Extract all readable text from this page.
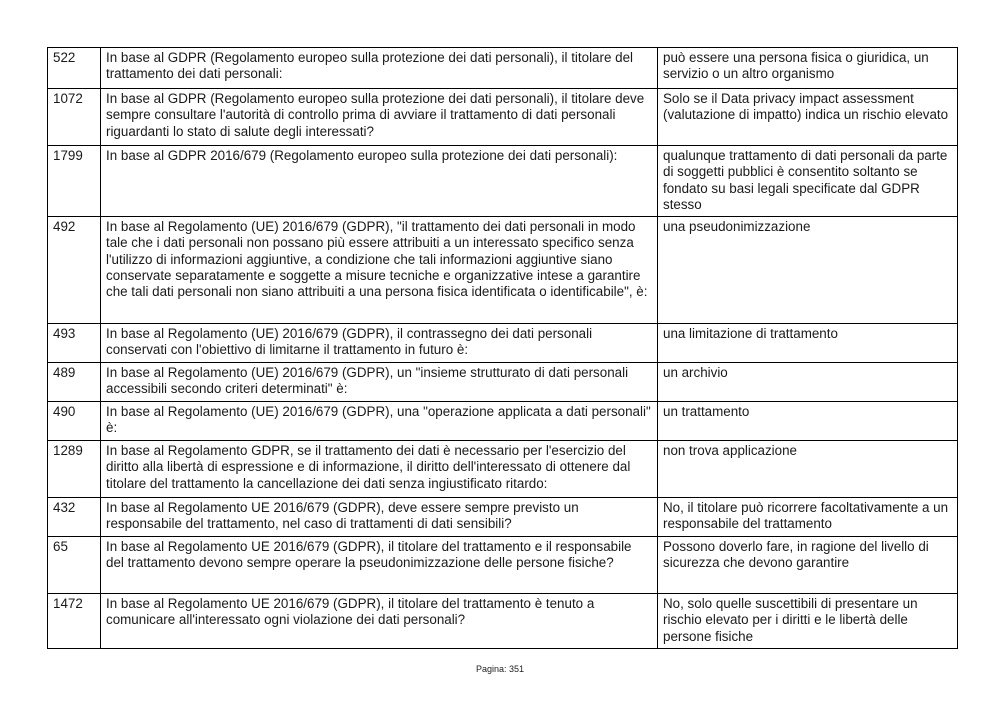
522	In base al GDPR (Regolamento europeo sulla protezione dei dati personali), il titolare del trattamento dei dati personali:	può essere una persona fisica o giuridica, un servizio o un altro organismo
1072	In base al GDPR (Regolamento europeo sulla protezione dei dati personali), il titolare deve sempre consultare l'autorità di controllo prima di avviare il trattamento di dati personali riguardanti lo stato di salute degli interessati?	Solo se il Data privacy impact assessment (valutazione di impatto) indica un rischio elevato
1799	In base al GDPR 2016/679 (Regolamento europeo sulla protezione dei dati personali):	qualunque trattamento di dati personali da parte di soggetti pubblici è consentito soltanto se fondato su basi legali specificate dal GDPR stesso
492	In base al Regolamento (UE) 2016/679 (GDPR), "il trattamento dei dati personali in modo tale che i dati personali non possano più essere attribuiti a un interessato specifico senza l'utilizzo di informazioni aggiuntive, a condizione che tali informazioni aggiuntive siano conservate separatamente e soggette a misure tecniche e organizzative intese a garantire che tali dati personali non siano attribuiti a una persona fisica identificata o identificabile", è:	una pseudonimizzazione
493	In base al Regolamento (UE) 2016/679 (GDPR), il contrassegno dei dati personali conservati con l'obiettivo di limitarne il trattamento in futuro è:	una limitazione di trattamento
489	In base al Regolamento (UE) 2016/679 (GDPR), un "insieme strutturato di dati personali accessibili secondo criteri determinati" è:	un archivio
490	In base al Regolamento (UE) 2016/679 (GDPR), una "operazione applicata a dati personali" è:	un trattamento
1289	In base al Regolamento GDPR, se il trattamento dei dati è necessario per l'esercizio del diritto alla libertà di espressione e di informazione, il diritto dell'interessato di ottenere dal titolare del trattamento la cancellazione dei dati senza ingiustificato ritardo:	non trova applicazione
432	In base al Regolamento UE 2016/679 (GDPR), deve essere sempre previsto un responsabile del trattamento, nel caso di trattamenti di dati sensibili?	No, il titolare può ricorrere facoltativamente a un responsabile del trattamento
65	In base al Regolamento UE 2016/679 (GDPR), il titolare del trattamento e il responsabile del trattamento devono sempre operare la pseudonimizzazione delle persone fisiche?	Possono doverlo fare, in ragione del livello di sicurezza che devono garantire
1472	In base al Regolamento UE 2016/679 (GDPR), il titolare del trattamento è tenuto a comunicare all'interessato ogni violazione dei dati personali?	No, solo quelle suscettibili di presentare un rischio elevato per i diritti e le libertà delle persone fisiche
Pagina: 351
